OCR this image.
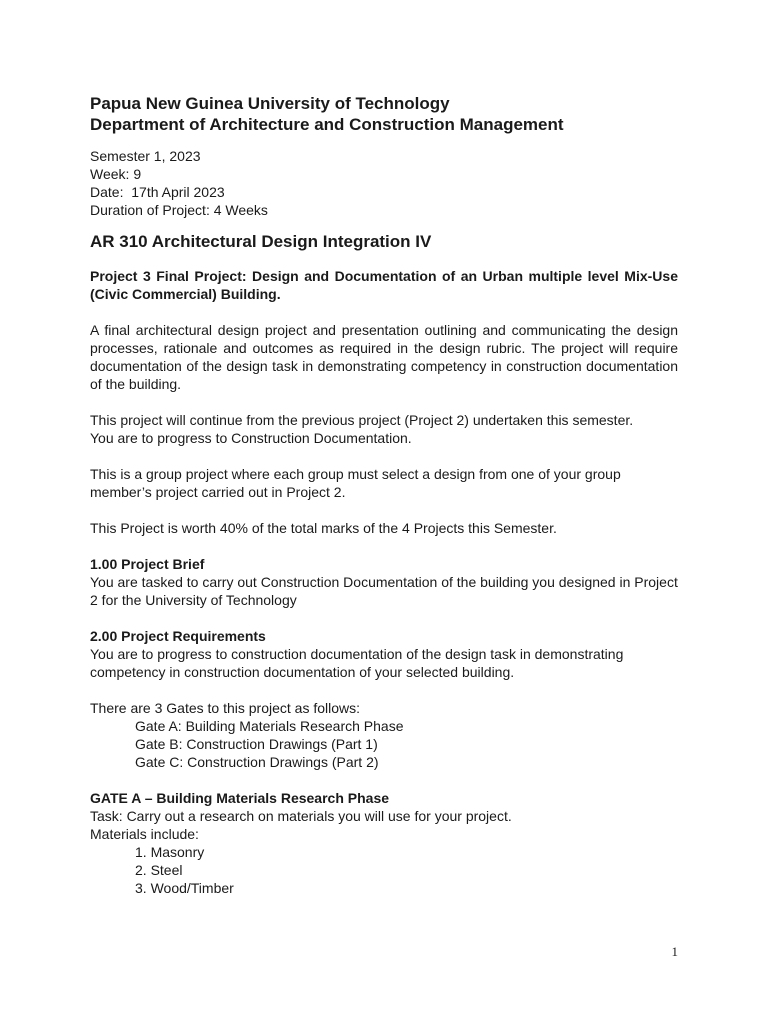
Papua New Guinea University of Technology
Department of Architecture and Construction Management
Semester 1, 2023
Week: 9
Date:  17th April 2023
Duration of Project: 4 Weeks
AR 310 Architectural Design Integration IV
Project 3 Final Project: Design and Documentation of an Urban multiple level Mix-Use (Civic Commercial) Building.

A final architectural design project and presentation outlining and communicating the design processes, rationale and outcomes as required in the design rubric. The project will require documentation of the design task in demonstrating competency in construction documentation of the building.

This project will continue from the previous project (Project 2) undertaken this semester.

You are to progress to Construction Documentation.

This is a group project where each group must select a design from one of your group member’s project carried out in Project 2.

This Project is worth 40% of the total marks of the 4 Projects this Semester.

1.00 Project Brief

You are tasked to carry out Construction Documentation of the building you designed in Project 2 for the University of Technology

2.00 Project Requirements

You are to progress to construction documentation of the design task in demonstrating competency in construction documentation of your selected building.

There are 3 Gates to this project as follows:

Gate A: Building Materials Research Phase
Gate B: Construction Drawings (Part 1)
Gate C: Construction Drawings (Part 2)
GATE A – Building Materials Research Phase

Task: Carry out a research on materials you will use for your project.

Materials include:

1. Masonry
2. Steel
3. Wood/Timber
1
